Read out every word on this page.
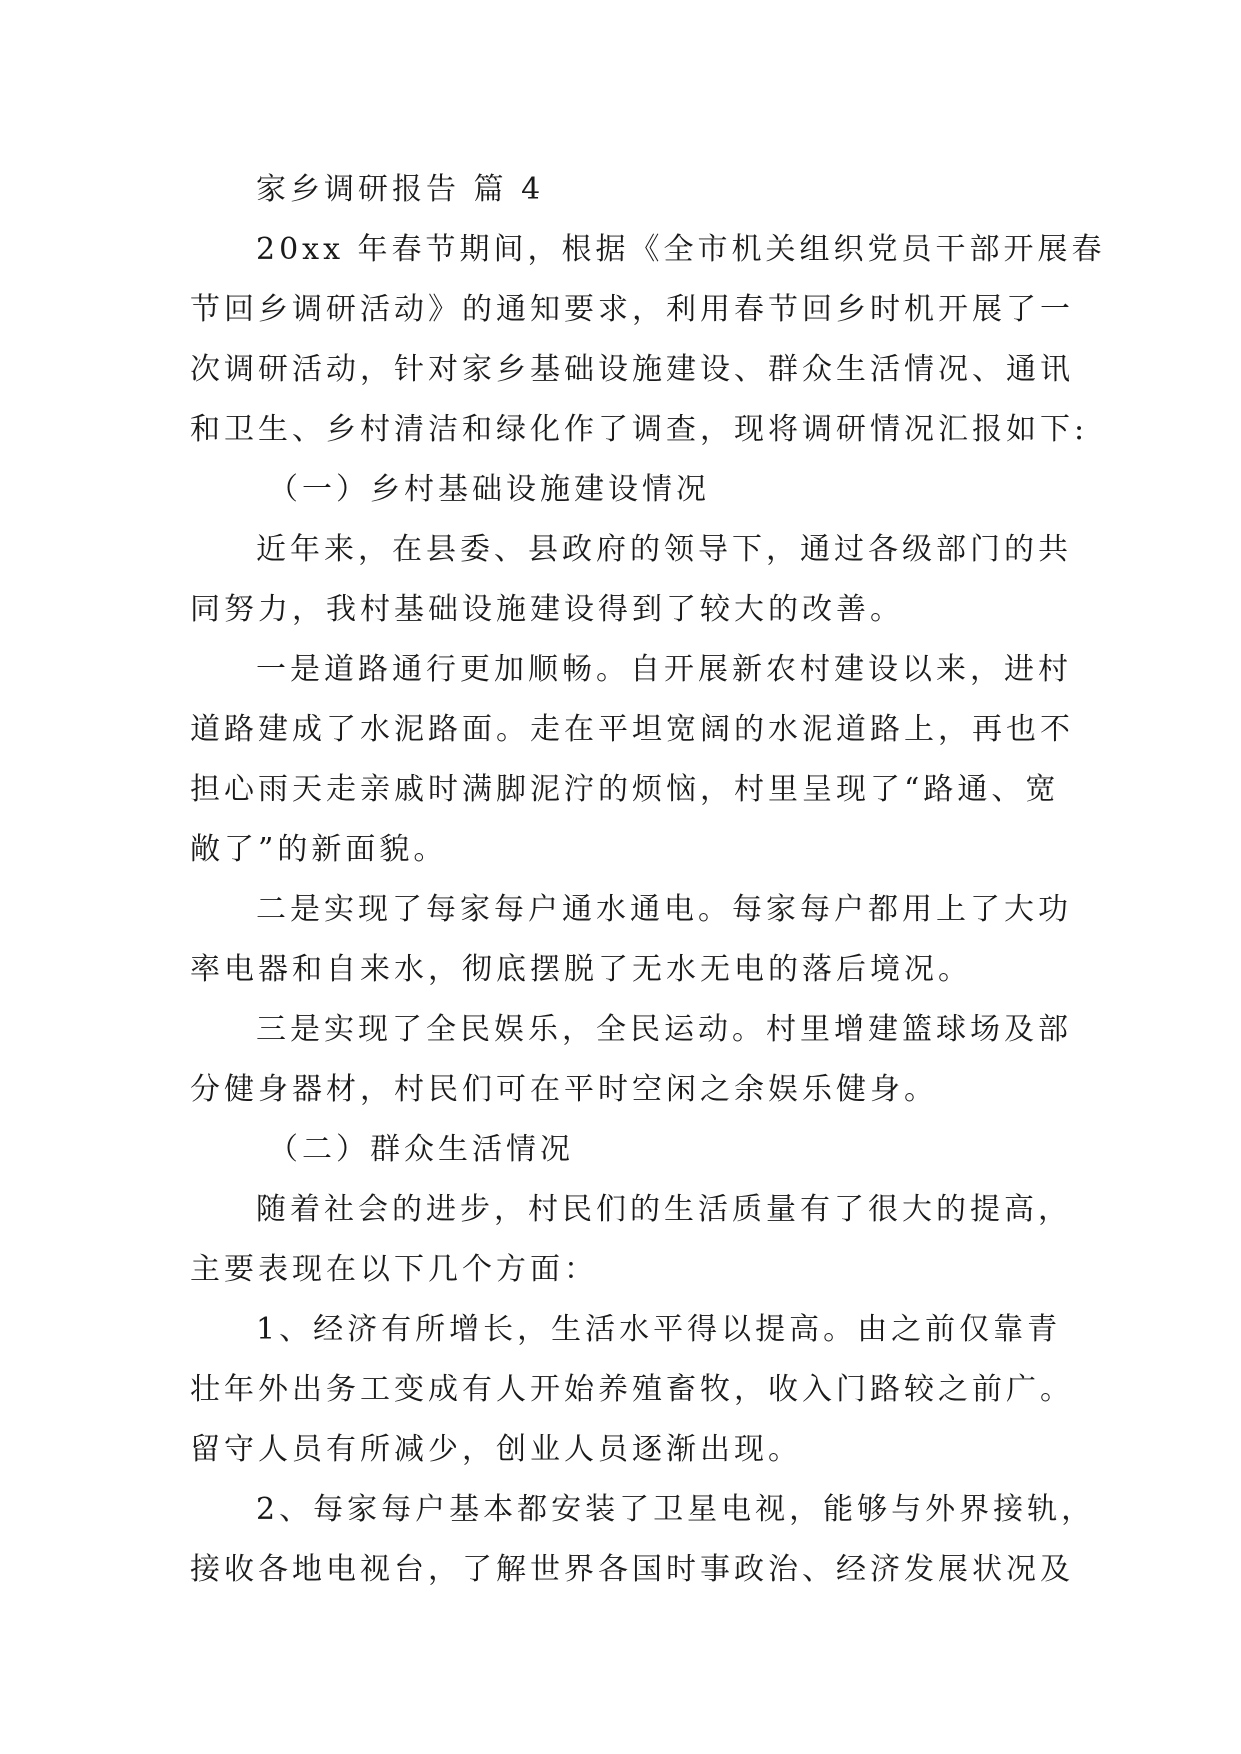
家乡调研报告 篇 4
20xx 年春节期间，根据《全市机关组织党员干部开展春
节回乡调研活动》的通知要求，利用春节回乡时机开展了一
次调研活动，针对家乡基础设施建设、群众生活情况、通讯
和卫生、乡村清洁和绿化作了调查，现将调研情况汇报如下:
（一）乡村基础设施建设情况
近年来，在县委、县政府的领导下，通过各级部门的共
同努力，我村基础设施建设得到了较大的改善。
一是道路通行更加顺畅。自开展新农村建设以来，进村
道路建成了水泥路面。走在平坦宽阔的水泥道路上，再也不
担心雨天走亲戚时满脚泥泞的烦恼，村里呈现了“路通、宽
敞了”的新面貌。
二是实现了每家每户通水通电。每家每户都用上了大功
率电器和自来水，彻底摆脱了无水无电的落后境况。
三是实现了全民娱乐，全民运动。村里增建篮球场及部
分健身器材，村民们可在平时空闲之余娱乐健身。
（二）群众生活情况
随着社会的进步，村民们的生活质量有了很大的提高，
主要表现在以下几个方面：
1、经济有所增长，生活水平得以提高。由之前仅靠青
壮年外出务工变成有人开始养殖畜牧，收入门路较之前广。
留守人员有所减少，创业人员逐渐出现。
2、每家每户基本都安装了卫星电视，能够与外界接轨，
接收各地电视台，了解世界各国时事政治、经济发展状况及
